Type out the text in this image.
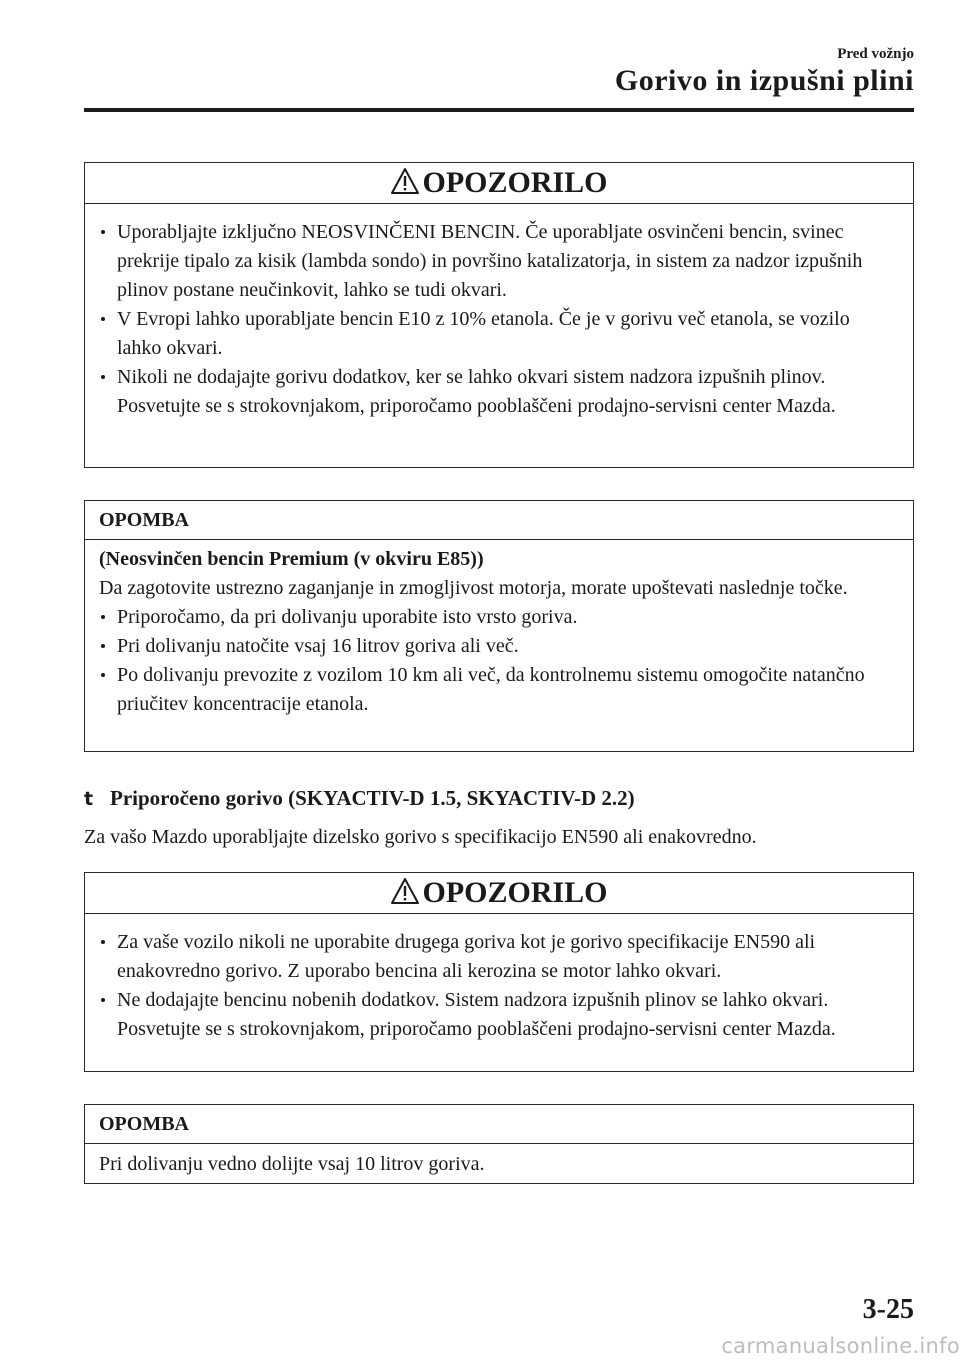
Pred vožnjo
Gorivo in izpušni plini
OPOZORILO
Uporabljajte izključno NEOSVINČENI BENCIN. Če uporabljate osvinčeni bencin, svinec prekrije tipalo za kisik (lambda sondo) in površino katalizatorja, in sistem za nadzor izpušnih plinov postane neučinkovit, lahko se tudi okvari.
V Evropi lahko uporabljate bencin E10 z 10% etanola. Če je v gorivu več etanola, se vozilo lahko okvari.
Nikoli ne dodajajte gorivu dodatkov, ker se lahko okvari sistem nadzora izpušnih plinov. Posvetujte se s strokovnjakom, priporočamo pooblaščeni prodajno-servisni center Mazda.
OPOMBA
(Neosvinčen bencin Premium (v okviru E85))
Da zagotovite ustrezno zaganjanje in zmogljivost motorja, morate upoštevati naslednje točke.
Priporočamo, da pri dolivanju uporabite isto vrsto goriva.
Pri dolivanju natočite vsaj 16 litrov goriva ali več.
Po dolivanju prevozite z vozilom 10 km ali več, da kontrolnemu sistemu omogočite natančno priučitev koncentracije etanola.
t Priporočeno gorivo (SKYACTIV-D 1.5, SKYACTIV-D 2.2)
Za vašo Mazdo uporabljajte dizelsko gorivo s specifikacijo EN590 ali enakovredno.
OPOZORILO
Za vaše vozilo nikoli ne uporabite drugega goriva kot je gorivo specifikacije EN590 ali enakovredno gorivo. Z uporabo bencina ali kerozina se motor lahko okvari.
Ne dodajajte bencinu nobenih dodatkov. Sistem nadzora izpušnih plinov se lahko okvari. Posvetujte se s strokovnjakom, priporočamo pooblaščeni prodajno-servisni center Mazda.
OPOMBA
Pri dolivanju vedno dolijte vsaj 10 litrov goriva.
3-25
carmanualsonline.info
